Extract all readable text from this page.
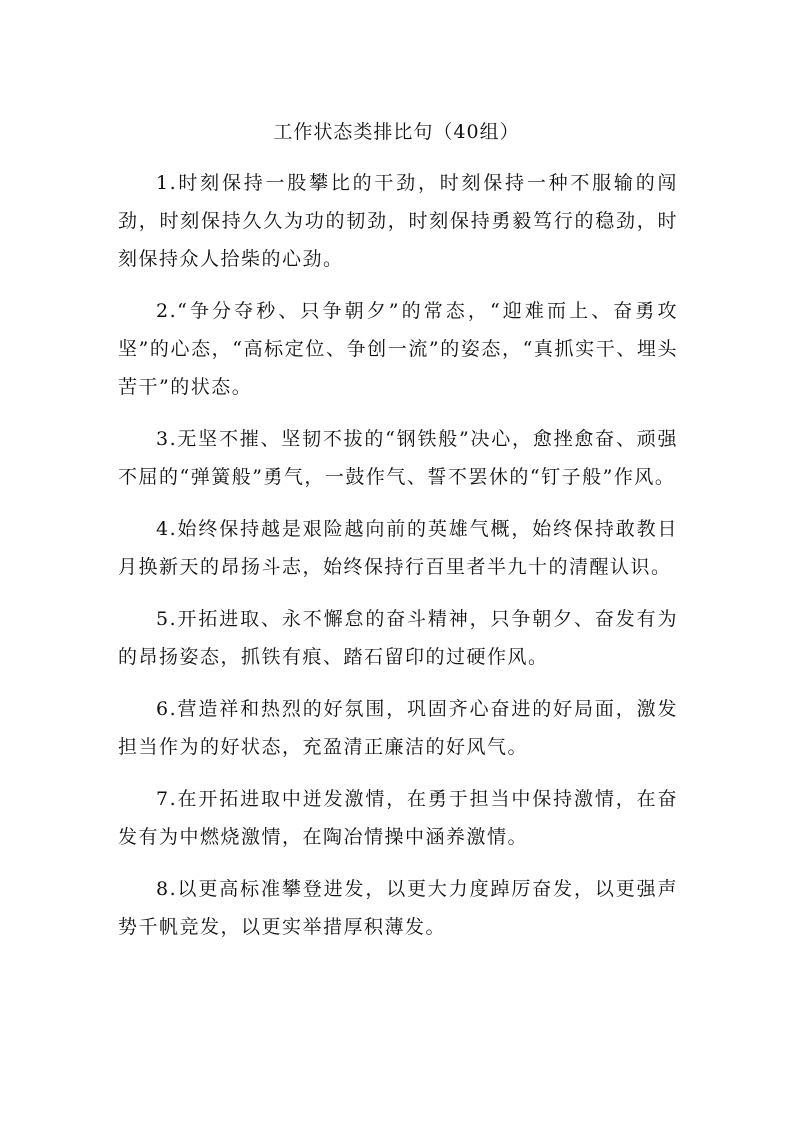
工作状态类排比句（40组）

1.时刻保持一股攀比的干劲，时刻保持一种不服输的闯劲，时刻保持久久为功的韧劲，时刻保持勇毅笃行的稳劲，时刻保持众人拾柴的心劲。

2.“争分夺秒、只争朝夕”的常态，“迎难而上、奋勇攻坚”的心态，“高标定位、争创一流”的姿态，“真抓实干、埋头苦干”的状态。

3.无坚不摧、坚韧不拔的“钢铁般”决心，愈挫愈奋、顽强不屈的“弹簧般”勇气，一鼓作气、誓不罢休的“钉子般”作风。

4.始终保持越是艰险越向前的英雄气概，始终保持敢教日月换新天的昂扬斗志，始终保持行百里者半九十的清醒认识。

5.开拓进取、永不懈怠的奋斗精神，只争朝夕、奋发有为的昂扬姿态，抓铁有痕、踏石留印的过硬作风。

6.营造祥和热烈的好氛围，巩固齐心奋进的好局面，激发担当作为的好状态，充盈清正廉洁的好风气。

7.在开拓进取中迸发激情，在勇于担当中保持激情，在奋发有为中燃烧激情，在陶冶情操中涵养激情。

8.以更高标准攀登进发，以更大力度踔厉奋发，以更强声势千帆竞发，以更实举措厚积薄发。
